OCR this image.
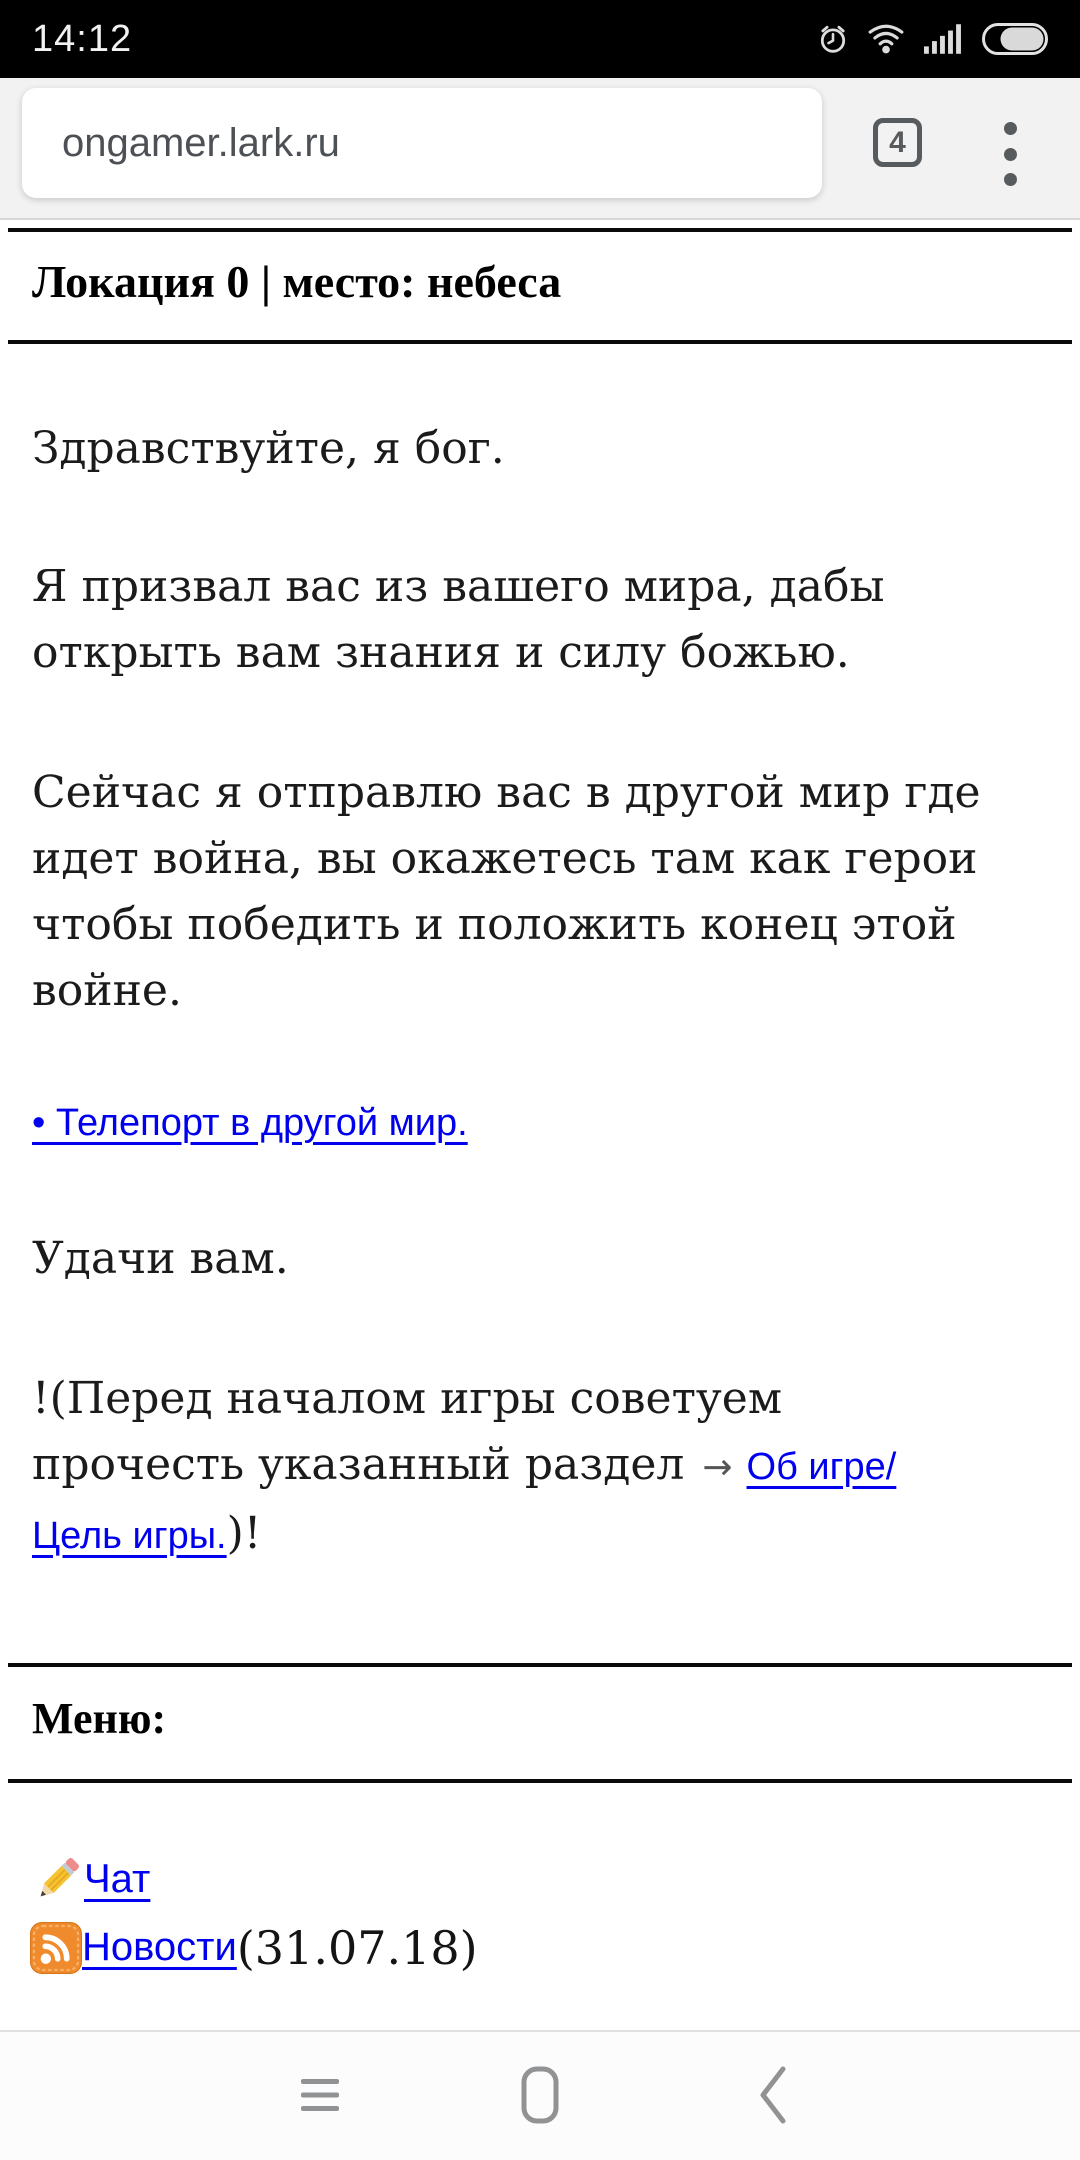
14:12
ongamer.lark.ru	4
Локация 0 | место: небеса

Здравствуйте, я бог.

Я призвал вас из вашего мира, дабы открыть вам знания и силу божью.

Сейчас я отправлю вас в другой мир где идет война, вы окажетесь там как герои чтобы победить и положить конец этой войне.

• Телепорт в другой мир.

Удачи вам.

!(Перед началом игры советуем прочесть указанный раздел → Об игре/Цель игры.)!

Меню:
Чат
Новости (31.07.18)
